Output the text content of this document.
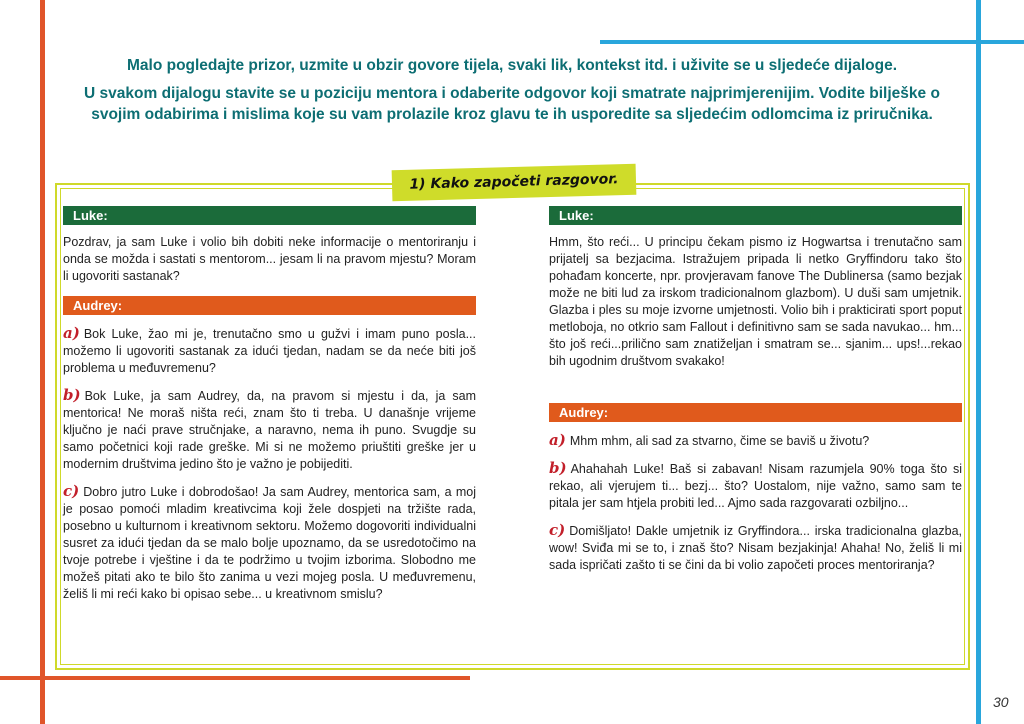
Malo pogledajte prizor, uzmite u obzir govore tijela, svaki lik, kontekst itd. i uživite se u sljedeće dijaloge.
U svakom dijalogu stavite se u poziciju mentora i odaberite odgovor koji smatrate najprimjerenijim. Vodite bilješke o svojim odabirima i mislima koje su vam prolazile kroz glavu te ih usporedite sa sljedećim odlomcima iz priručnika.
1) Kako započeti razgovor.
Luke:

Pozdrav, ja sam Luke i volio bih dobiti neke informacije o mentoriranju i onda se možda i sastati s mentorom... jesam li na pravom mjestu? Moram li ugovoriti sastanak?

Audrey:

a) Bok Luke, žao mi je, trenutačno smo u gužvi i imam puno posla... možemo li ugovoriti sastanak za idući tjedan, nadam se da neće biti još problema u međuvremenu?

b) Bok Luke, ja sam Audrey, da, na pravom si mjestu i da, ja sam mentorica! Ne moraš ništa reći, znam što ti treba. U današnje vrijeme ključno je naći prave stručnjake, a naravno, nema ih puno. Svugdje su samo početnici koji rade greške. Mi si ne možemo priuštiti greške jer u modernim društvima jedino što je važno je pobijediti.

c) Dobro jutro Luke i dobrodošao! Ja sam Audrey, mentorica sam, a moj je posao pomoći mladim kreativcima koji žele dospjeti na tržište rada, posebno u kulturnom i kreativnom sektoru. Možemo dogovoriti individualni susret za idući tjedan da se malo bolje upoznamo, da se usredotočimo na tvoje potrebe i vještine i da te podržimo u tvojim izborima. Slobodno me možeš pitati ako te bilo što zanima u vezi mojeg posla. U međuvremenu, želiš li mi reći kako bi opisao sebe... u kreativnom smislu?

Luke:

Hmm, što reći... U principu čekam pismo iz Hogwartsa i trenutačno sam prijatelj sa bezjacima. Istražujem pripada li netko Gryffindoru tako što pohađam koncerte, npr. provjeravam fanove The Dublinersa (samo bezjak može ne biti lud za irskom tradicionalnom glazbom). U duši sam umjetnik. Glazba i ples su moje izvorne umjetnosti. Volio bih i prakticirati sport poput metloboja, no otkrio sam Fallout i definitivno sam se sada navukao... hm... što još reći...prilično sam znatiželjan i smatram se... sjanim... ups!...rekao bih ugodnim društvom svakako!

Audrey:

a) Mhm mhm, ali sad za stvarno, čime se baviš u životu?

b) Ahahahah Luke! Baš si zabavan! Nisam razumjela 90% toga što si rekao, ali vjerujem ti... bezj... što? Uostalom, nije važno, samo sam te pitala jer sam htjela probiti led... Ajmo sada razgovarati ozbiljno...

c) Domišljato! Dakle umjetnik iz Gryffindora... irska tradicionalna glazba, wow! Sviđa mi se to, i znaš što? Nisam bezjakinja! Ahaha! No, želiš li mi sada ispričati zašto ti se čini da bi volio započeti proces mentoriranja?

30
